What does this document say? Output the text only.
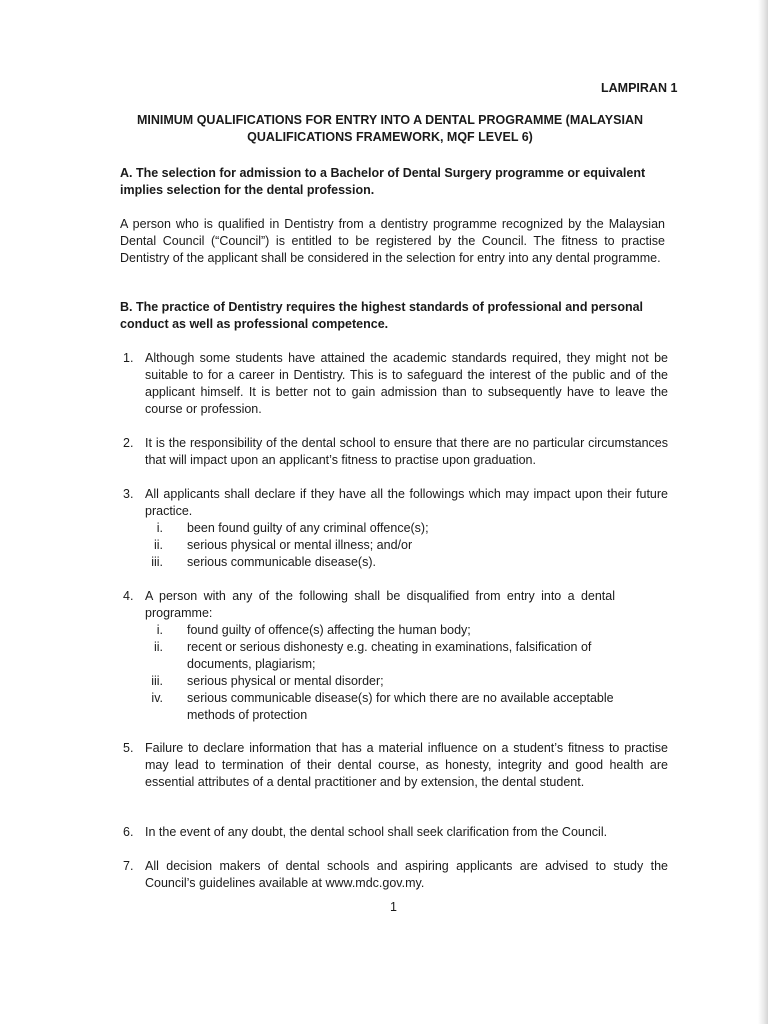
LAMPIRAN 1
MINIMUM QUALIFICATIONS FOR ENTRY INTO A DENTAL PROGRAMME (MALAYSIAN QUALIFICATIONS FRAMEWORK, MQF LEVEL 6)
A. The selection for admission to a Bachelor of Dental Surgery programme or equivalent implies selection for the dental profession.
A person who is qualified in Dentistry from a dentistry programme recognized by the Malaysian Dental Council (“Council”) is entitled to be registered by the Council. The fitness to practise Dentistry of the applicant shall be considered in the selection for entry into any dental programme.
B. The practice of Dentistry requires the highest standards of professional and personal conduct as well as professional competence.
1. Although some students have attained the academic standards required, they might not be suitable to for a career in Dentistry. This is to safeguard the interest of the public and of the applicant himself. It is better not to gain admission than to subsequently have to leave the course or profession.
2. It is the responsibility of the dental school to ensure that there are no particular circumstances that will impact upon an applicant’s fitness to practise upon graduation.
3. All applicants shall declare if they have all the followings which may impact upon their future practice.
i. been found guilty of any criminal offence(s);
ii. serious physical or mental illness; and/or
iii. serious communicable disease(s).
4. A person with any of the following shall be disqualified from entry into a dental programme:
i. found guilty of offence(s) affecting the human body;
ii. recent or serious dishonesty e.g. cheating in examinations, falsification of documents, plagiarism;
iii. serious physical or mental disorder;
iv. serious communicable disease(s) for which there are no available acceptable methods of protection
5. Failure to declare information that has a material influence on a student’s fitness to practise may lead to termination of their dental course, as honesty, integrity and good health are essential attributes of a dental practitioner and by extension, the dental student.
6. In the event of any doubt, the dental school shall seek clarification from the Council.
7. All decision makers of dental schools and aspiring applicants are advised to study the Council’s guidelines available at www.mdc.gov.my.
1
